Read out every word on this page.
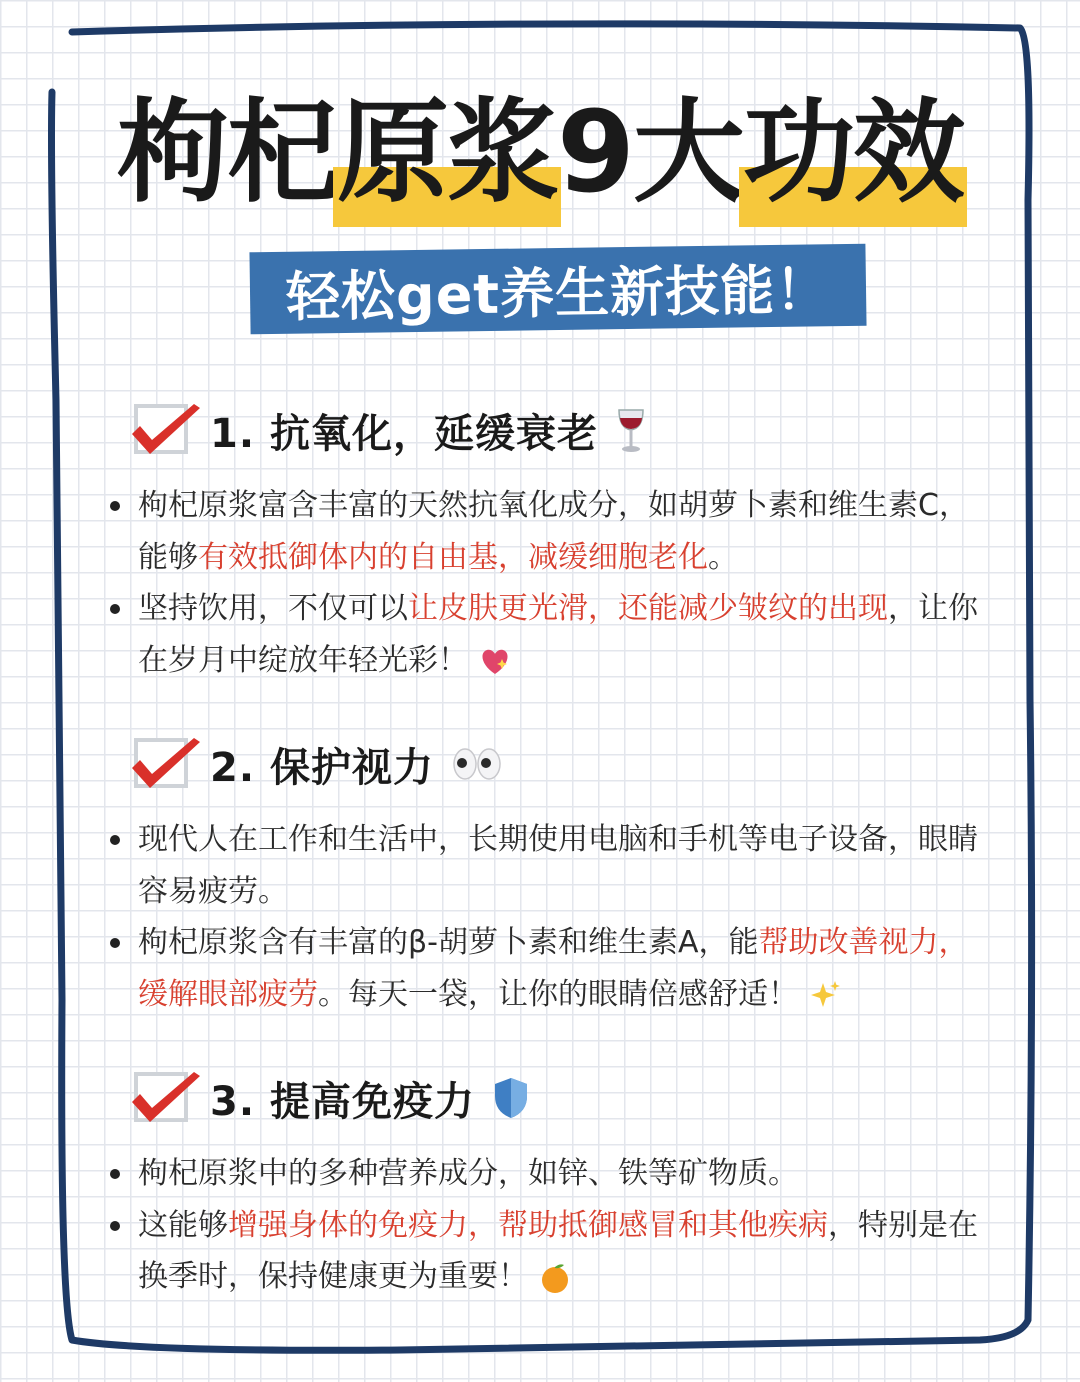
枸杞 原浆 9 大 功效
轻松get养生新技能！
1. 抗氧化，延缓衰老
枸杞原浆富含丰富的天然抗氧化成分，如胡萝卜素和维生素C，能够有效抵御体内的自由基，减缓细胞老化。
坚持饮用，不仅可以让皮肤更光滑，还能减少皱纹的出现，让你在岁月中绽放年轻光彩！
2. 保护视力
现代人在工作和生活中，长期使用电脑和手机等电子设备，眼睛容易疲劳。
枸杞原浆含有丰富的β-胡萝卜素和维生素A，能帮助改善视力，缓解眼部疲劳。每天一袋，让你的眼睛倍感舒适！
3. 提高免疫力
枸杞原浆中的多种营养成分，如锌、铁等矿物质。
这能够增强身体的免疫力，帮助抵御感冒和其他疾病，特别是在换季时，保持健康更为重要！
